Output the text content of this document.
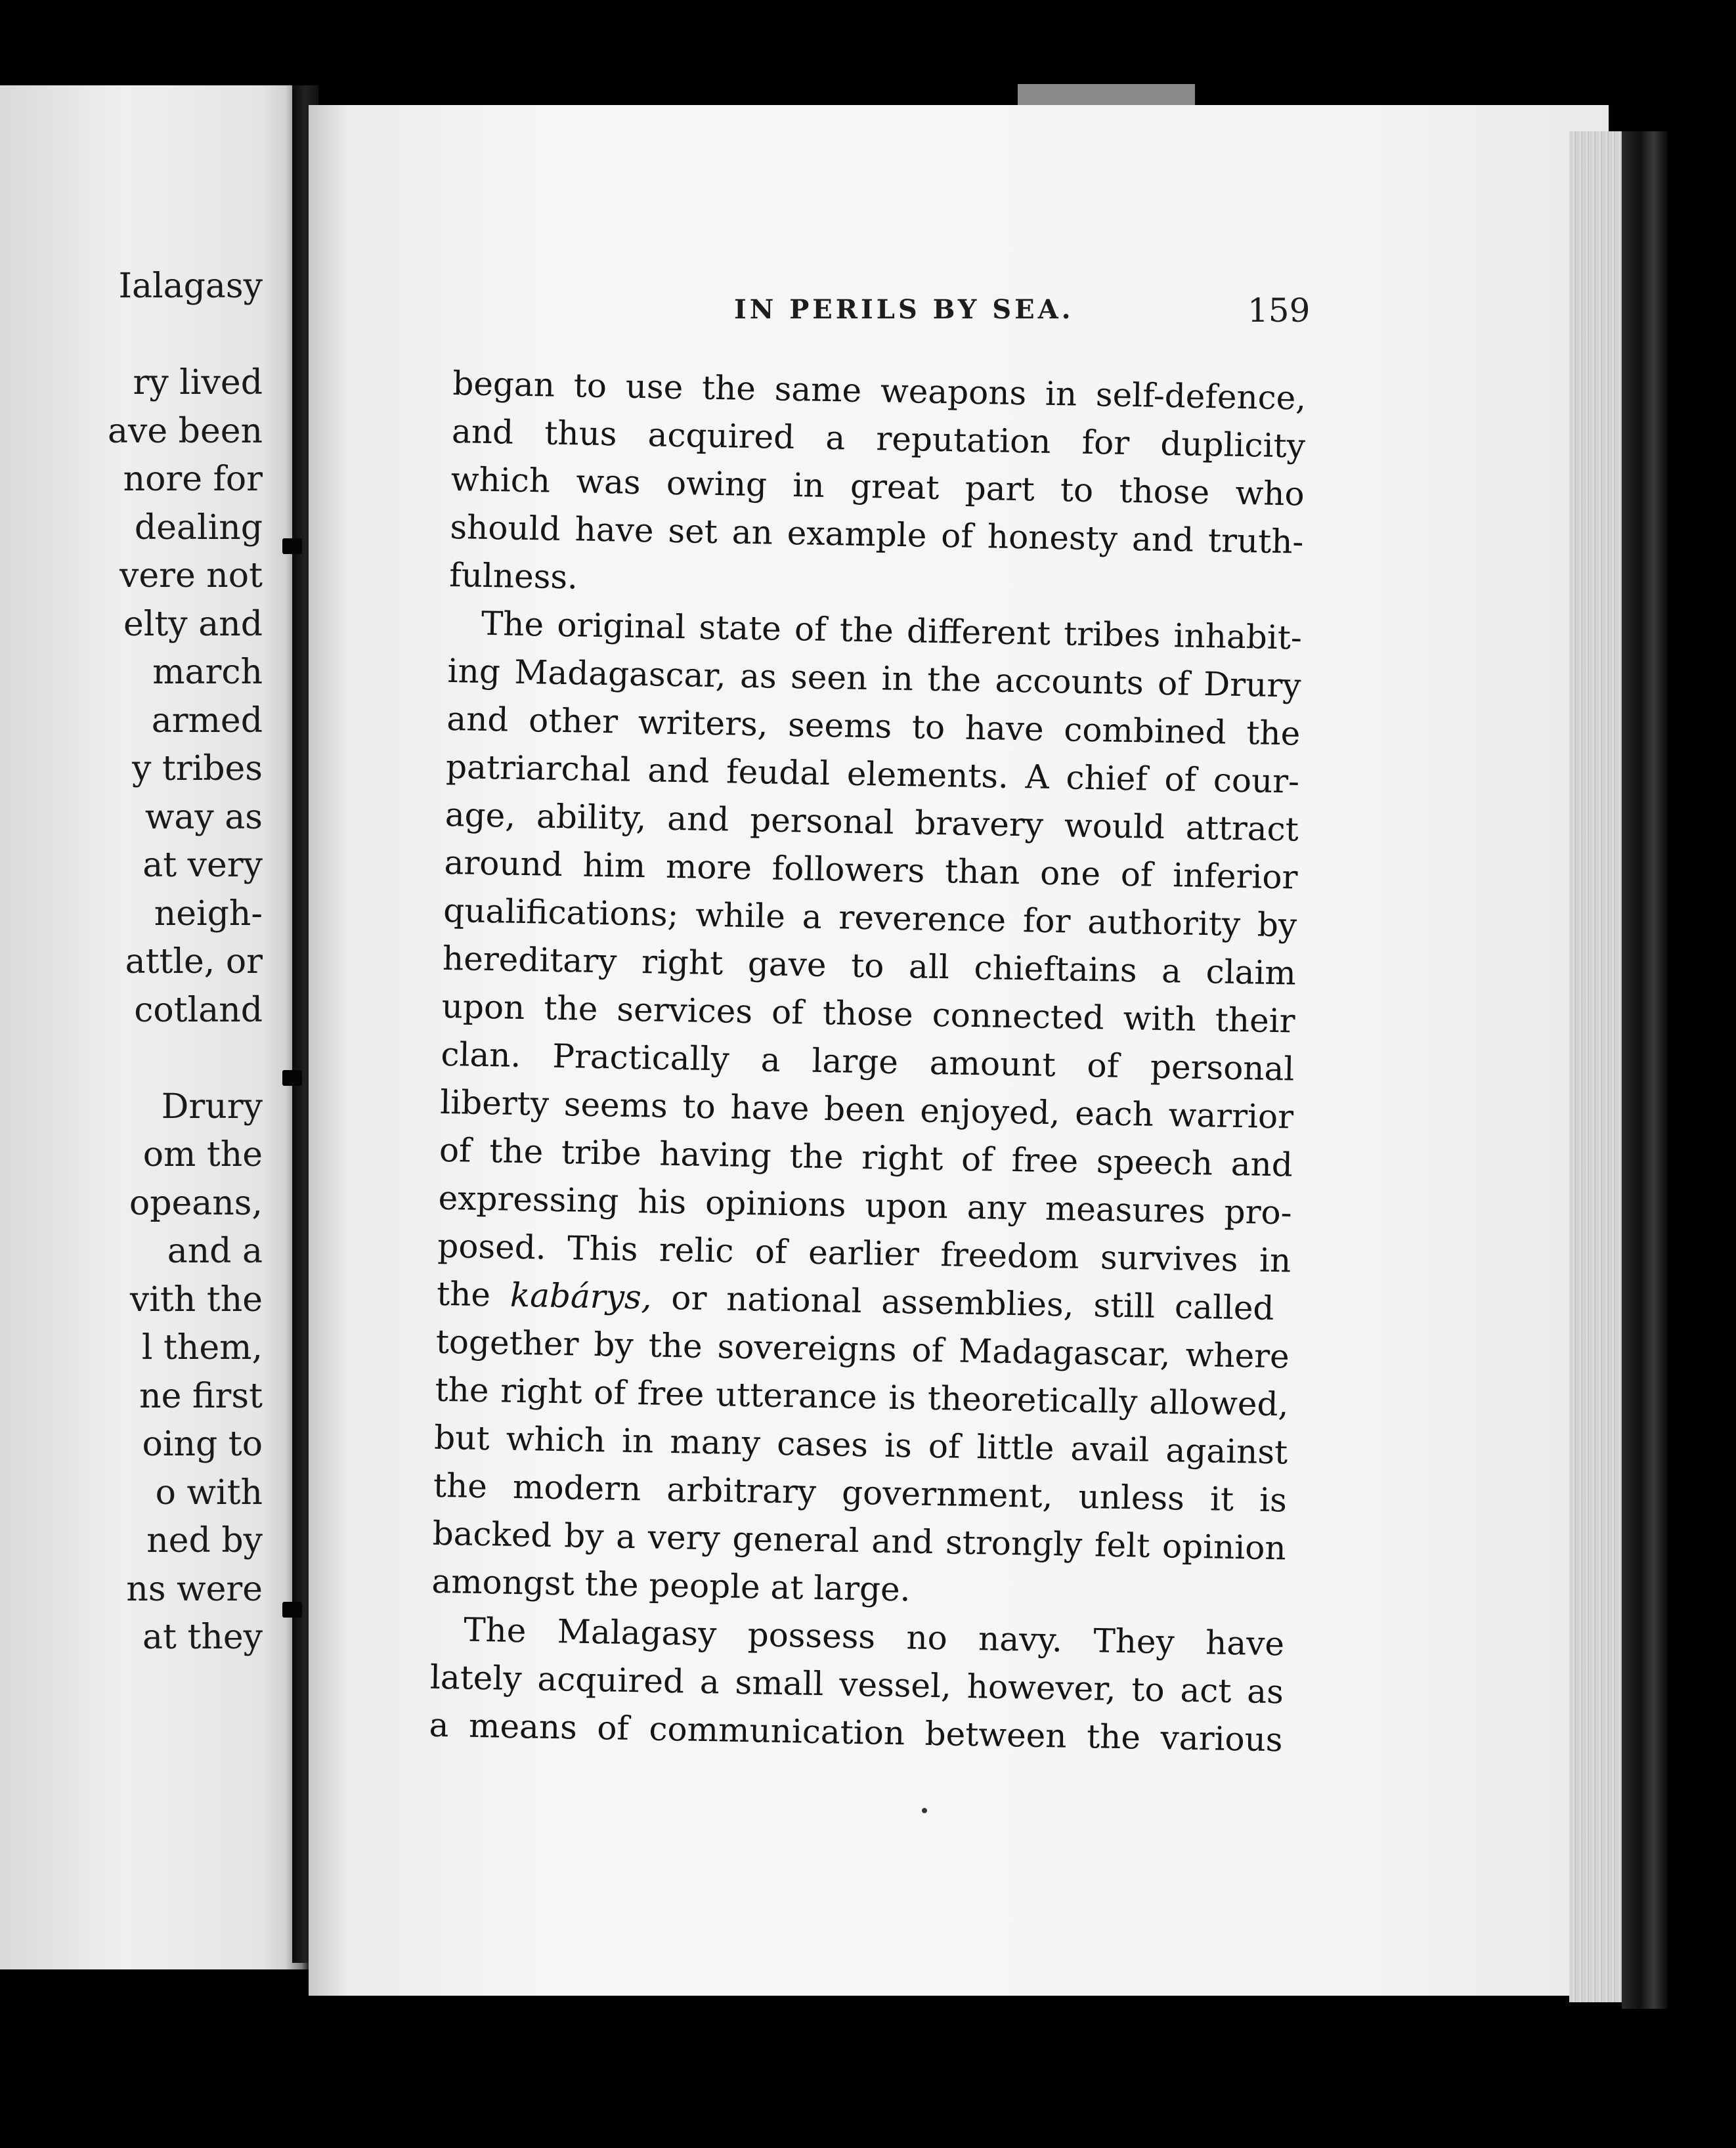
Ialagasy
ry lived
ave been
nore for
dealing
vere not
elty and
march
armed
y tribes
way as
at very
neigh-
attle, or
cotland
Drury
om the
opeans,
and a
vith the
l them,
ne first
oing to
o with
ned by
ns were
at they
IN PERILS BY SEA.	159
began to use the same weapons in self-defence,
and thus acquired a reputation for duplicity
which was owing in great part to those who
should have set an example of honesty and truth-
fulness.
The original state of the different tribes inhabit-
ing Madagascar, as seen in the accounts of Drury
and other writers, seems to have combined the
patriarchal and feudal elements. A chief of cour-
age, ability, and personal bravery would attract
around him more followers than one of inferior
qualifications; while a reverence for authority by
hereditary right gave to all chieftains a claim
upon the services of those connected with their
clan. Practically a large amount of personal
liberty seems to have been enjoyed, each warrior
of the tribe having the right of free speech and
expressing his opinions upon any measures pro-
posed. This relic of earlier freedom survives in
the kabárys, or national assemblies, still called
together by the sovereigns of Madagascar, where
the right of free utterance is theoretically allowed,
but which in many cases is of little avail against
the modern arbitrary government, unless it is
backed by a very general and strongly felt opinion
amongst the people at large.
The Malagasy possess no navy. They have
lately acquired a small vessel, however, to act as
a means of communication between the various
